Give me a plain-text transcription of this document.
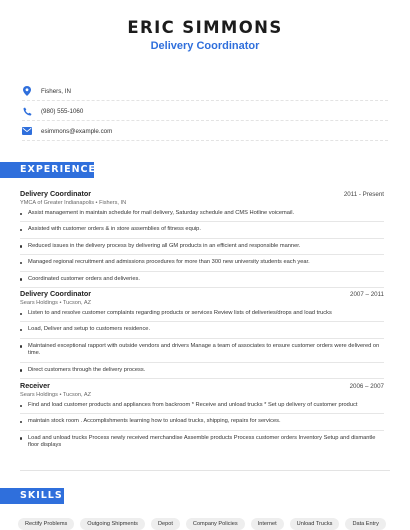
ERIC SIMMONS
Delivery Coordinator
Fishers, IN
(980) 555-1060
esimmons@example.com
EXPERIENCE
Delivery Coordinator	2011 - Present
YMCA of Greater Indianapolis • Fishers, IN
Assist management in maintain schedule for mail delivery, Saturday schedule and CMS Hotline voicemail.
Assisted with customer orders & in store assemblies of fitness equip.
Reduced issues in the delivery process by delivering all GM products in an efficient and responsible manner.
Managed regional recruitment and admissions procedures for more than 300 new university students each year.
Coordinated customer orders and deliveries.
Delivery Coordinator	2007 – 2011
Sears Holdings • Tucson, AZ
Listen to and resolve customer complaints regarding products or services Review lists of deliveries/drops and load trucks
Load, Deliver and setup to customers residence.
Maintained exceptional rapport with outside vendors and drivers Manage a team of associates to ensure customer orders were delivered on time.
Direct customers through the delivery process.
Receiver	2006 – 2007
Sears Holdings • Tucson, AZ
Find and load customer products and appliances from backroom * Receive and unload trucks * Set up delivery of customer product
maintain stock room . Accomplishments learning how to unload trucks, shipping, repairs for services.
Load and unload trucks Process newly received merchandise Assemble products Process customer orders Inventory Setup and dismantle floor displays
SKILLS
Rectify Problems	Outgoing Shipments	Depot	Company Policies	Internet	Unload Trucks	Data Entry
